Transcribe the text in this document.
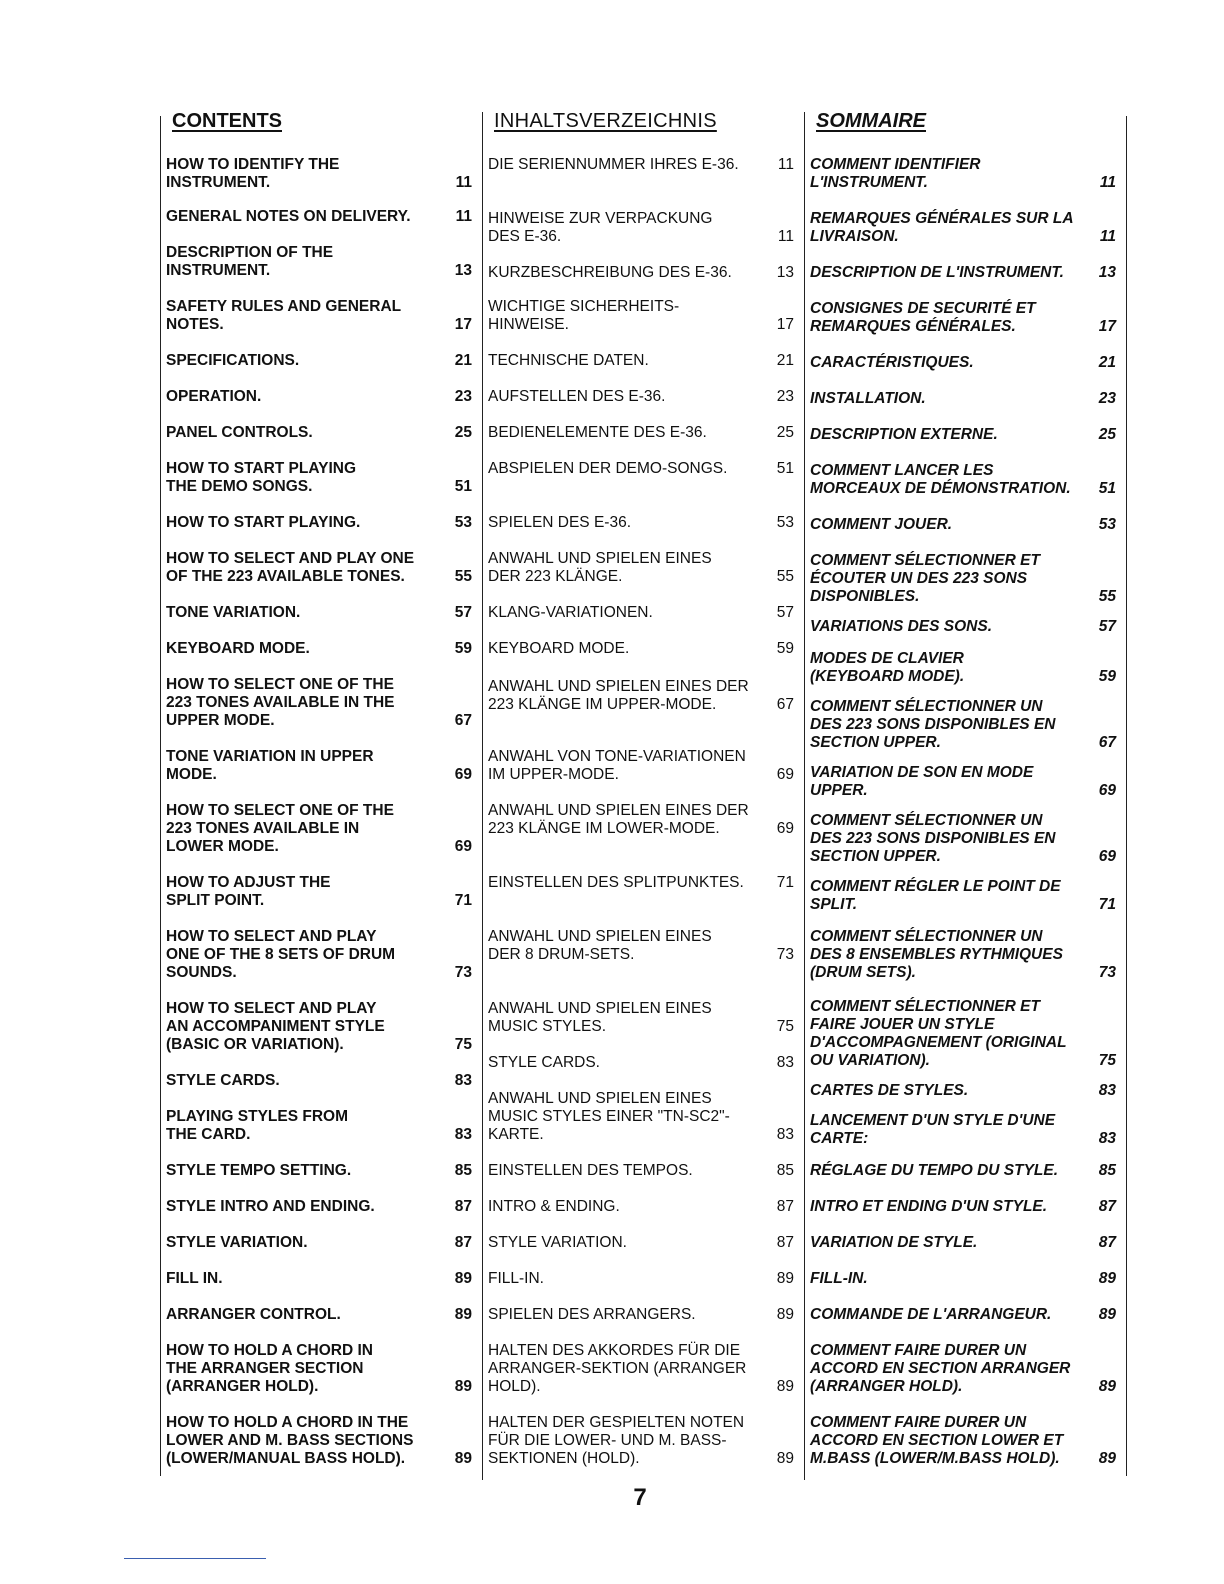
CONTENTS
HOW TO IDENTIFY THE
INSTRUMENT.	11
GENERAL NOTES ON DELIVERY.	11
DESCRIPTION OF THE
INSTRUMENT.	13
SAFETY RULES AND GENERAL
NOTES.	17
SPECIFICATIONS.	21
OPERATION.	23
PANEL CONTROLS.	25
HOW TO START PLAYING
THE DEMO SONGS.	51
HOW TO START PLAYING.	53
HOW TO SELECT AND PLAY ONE
OF THE 223 AVAILABLE TONES.	55
TONE VARIATION.	57
KEYBOARD MODE.	59
HOW TO SELECT ONE OF THE
223 TONES AVAILABLE IN THE
UPPER MODE.	67
TONE VARIATION IN UPPER
MODE.	69
HOW TO SELECT ONE OF THE
223 TONES AVAILABLE IN
LOWER MODE.	69
HOW TO ADJUST THE
SPLIT POINT.	71
HOW TO SELECT AND PLAY
ONE OF THE 8 SETS OF DRUM
SOUNDS.	73
HOW TO SELECT AND PLAY
AN ACCOMPANIMENT STYLE
(BASIC OR VARIATION).	75
STYLE CARDS.	83
PLAYING STYLES FROM
THE CARD.	83
STYLE TEMPO SETTING.	85
STYLE INTRO AND ENDING.	87
STYLE VARIATION.	87
FILL IN.	89
ARRANGER CONTROL.	89
HOW TO HOLD A CHORD IN
THE ARRANGER SECTION
(ARRANGER HOLD).	89
HOW TO HOLD A CHORD IN THE
LOWER AND M. BASS SECTIONS
(LOWER/MANUAL BASS HOLD).	89
INHALTSVERZEICHNIS
DIE SERIENNUMMER IHRES E-36.	11
HINWEISE ZUR VERPACKUNG
DES E-36.	11
KURZBESCHREIBUNG DES E-36.	13
WICHTIGE SICHERHEITS-
HINWEISE.	17
TECHNISCHE DATEN.	21
AUFSTELLEN DES E-36.	23
BEDIENELEMENTE DES E-36.	25
ABSPIELEN DER DEMO-SONGS.	51
SPIELEN DES E-36.	53
ANWAHL UND SPIELEN EINES
DER 223 KLÄNGE.	55
KLANG-VARIATIONEN.	57
KEYBOARD MODE.	59
ANWAHL UND SPIELEN EINES DER
223 KLÄNGE IM UPPER-MODE.	67
ANWAHL VON TONE-VARIATIONEN
IM UPPER-MODE.	69
ANWAHL UND SPIELEN EINES DER
223 KLÄNGE IM LOWER-MODE.	69
EINSTELLEN DES SPLITPUNKTES.	71
ANWAHL UND SPIELEN EINES
DER 8 DRUM-SETS.	73
ANWAHL UND SPIELEN EINES
MUSIC STYLES.	75
STYLE CARDS.	83
ANWAHL UND SPIELEN EINES
MUSIC STYLES EINER "TN-SC2"-
KARTE.	83
EINSTELLEN DES TEMPOS.	85
INTRO & ENDING.	87
STYLE VARIATION.	87
FILL-IN.	89
SPIELEN DES ARRANGERS.	89
HALTEN DES AKKORDES FÜR DIE
ARRANGER-SEKTION (ARRANGER
HOLD).	89
HALTEN DER GESPIELTEN NOTEN
FÜR DIE LOWER- UND M. BASS-
SEKTIONEN (HOLD).	89
SOMMAIRE
COMMENT IDENTIFIER
L'INSTRUMENT.	11
REMARQUES GÉNÉRALES SUR LA
LIVRAISON.	11
DESCRIPTION DE L'INSTRUMENT.	13
CONSIGNES DE SECURITÉ ET
REMARQUES GÉNÉRALES.	17
CARACTÉRISTIQUES.	21
INSTALLATION.	23
DESCRIPTION EXTERNE.	25
COMMENT LANCER LES
MORCEAUX DE DÉMONSTRATION.	51
COMMENT JOUER.	53
COMMENT SÉLECTIONNER ET
ÉCOUTER UN DES 223 SONS
DISPONIBLES.	55
VARIATIONS DES SONS.	57
MODES DE CLAVIER
(KEYBOARD MODE).	59
COMMENT SÉLECTIONNER UN
DES 223 SONS DISPONIBLES EN
SECTION UPPER.	67
VARIATION DE SON EN MODE
UPPER.	69
COMMENT SÉLECTIONNER UN
DES 223 SONS DISPONIBLES EN
SECTION UPPER.	69
COMMENT RÉGLER LE POINT DE
SPLIT.	71
COMMENT SÉLECTIONNER UN
DES 8 ENSEMBLES RYTHMIQUES
(DRUM SETS).	73
COMMENT SÉLECTIONNER ET
FAIRE JOUER UN STYLE
D'ACCOMPAGNEMENT (ORIGINAL
OU VARIATION).	75
CARTES DE STYLES.	83
LANCEMENT D'UN STYLE D'UNE
CARTE:	83
RÉGLAGE DU TEMPO DU STYLE.	85
INTRO ET ENDING D'UN STYLE.	87
VARIATION DE STYLE.	87
FILL-IN.	89
COMMANDE DE L'ARRANGEUR.	89
COMMENT FAIRE DURER UN
ACCORD EN SECTION ARRANGER
(ARRANGER HOLD).	89
COMMENT FAIRE DURER UN
ACCORD EN SECTION LOWER ET
M.BASS (LOWER/M.BASS HOLD).	89
7
